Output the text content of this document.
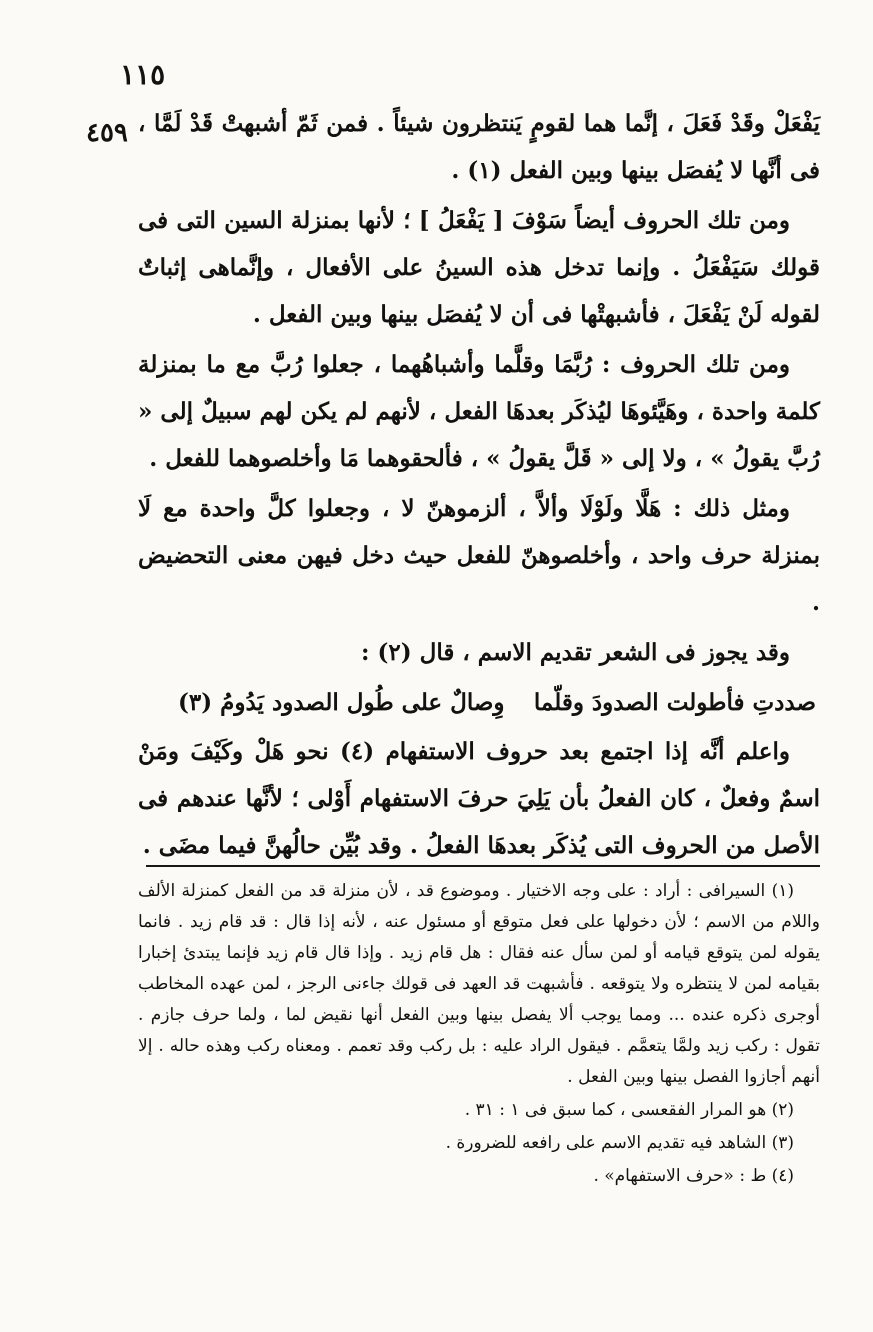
١١٥
٤٥٩ يَفْعَلْ وقَدْ فَعَلَ ، إنَّما هما لقومٍ يَنتظرون شيئاً . فمن ثَمّ أشبهتْ قَدْ لَمَّا ، فى أنَّها لا يُفصَل بينها وبين الفعل (١) .

ومن تلك الحروف أيضاً سَوْفَ [ يَفْعَلُ ] ؛ لأنها بمنزلة السين التى فى قولك سَيَفْعَلُ . وإنما تدخل هذه السينُ على الأفعال ، وإنَّماهى إثباتٌ لقوله لَنْ يَفْعَلَ ، فأشبهتْها فى أن لا يُفصَل بينها وبين الفعل .

ومن تلك الحروف : رُبَّمَا وقلَّما وأشباهُهما ، جعلوا رُبَّ مع ما بمنزلة كلمة واحدة ، وهَيَّئوهَا ليُذكَر بعدهَا الفعل ، لأنهم لم يكن لهم سبيلٌ إلى « رُبَّ يقولُ » ، ولا إلى « قَلَّ يقولُ » ، فألحقوهما مَا وأخلصوهما للفعل .

ومثل ذلك : هَلَّا ولَوْلَا وألاَّ ، ألزموهنّ لا ، وجعلوا كلَّ واحدة مع لَا بمنزلة حرف واحد ، وأخلصوهنّ للفعل حيث دخل فيهن معنى التحضيض .

وقد يجوز فى الشعر تقديم الاسم ، قال (٢) :

صددتِ فأطولت الصدودَ وقلّما
وِصالٌ على طُول الصدود يَدُومُ (٣)

واعلم أنَّه إذا اجتمع بعد حروف الاستفهام (٤) نحو هَلْ وكَيْفَ ومَنْ اسمٌ وفعلٌ ، كان الفعلُ بأن يَلِيَ حرفَ الاستفهام أَوْلى ؛ لأنَّها عندهم فى الأصل من الحروف التى يُذكَر بعدهَا الفعلُ . وقد بُيِّن حالُهنَّ فيما مضَى .

(١) السيرافى : أراد : على وجه الاختيار . وموضوع قد ، لأن منزلة قد من الفعل كمنزلة الألف واللام من الاسم ؛ لأن دخولها على فعل متوقع أو مسئول عنه ، لأنه إذا قال : قد قام زيد . فانما يقوله لمن يتوقع قيامه أو لمن سأل عنه فقال : هل قام زيد . وإذا قال قام زيد فإنما يبتدئ إخبارا بقيامه لمن لا ينتظره ولا يتوقعه . فأشبهت قد العهد فى قولك جاءنى الرجز ، لمن عهده المخاطب أوجرى ذكره عنده ... ومما يوجب ألا يفصل بينها وبين الفعل أنها نقيض لما ، ولما حرف جازم . تقول : ركب زيد ولمَّا يتعمَّم . فيقول الراد عليه : بل ركب وقد تعمم . ومعناه ركب وهذه حاله . إلا أنهم أجازوا الفصل بينها وبين الفعل .

(٢) هو المرار الفقعسى ، كما سبق فى ١ : ٣١ .

(٣) الشاهد فيه تقديم الاسم على رافعه للضرورة .

(٤) ط : «حرف الاستفهام» .
